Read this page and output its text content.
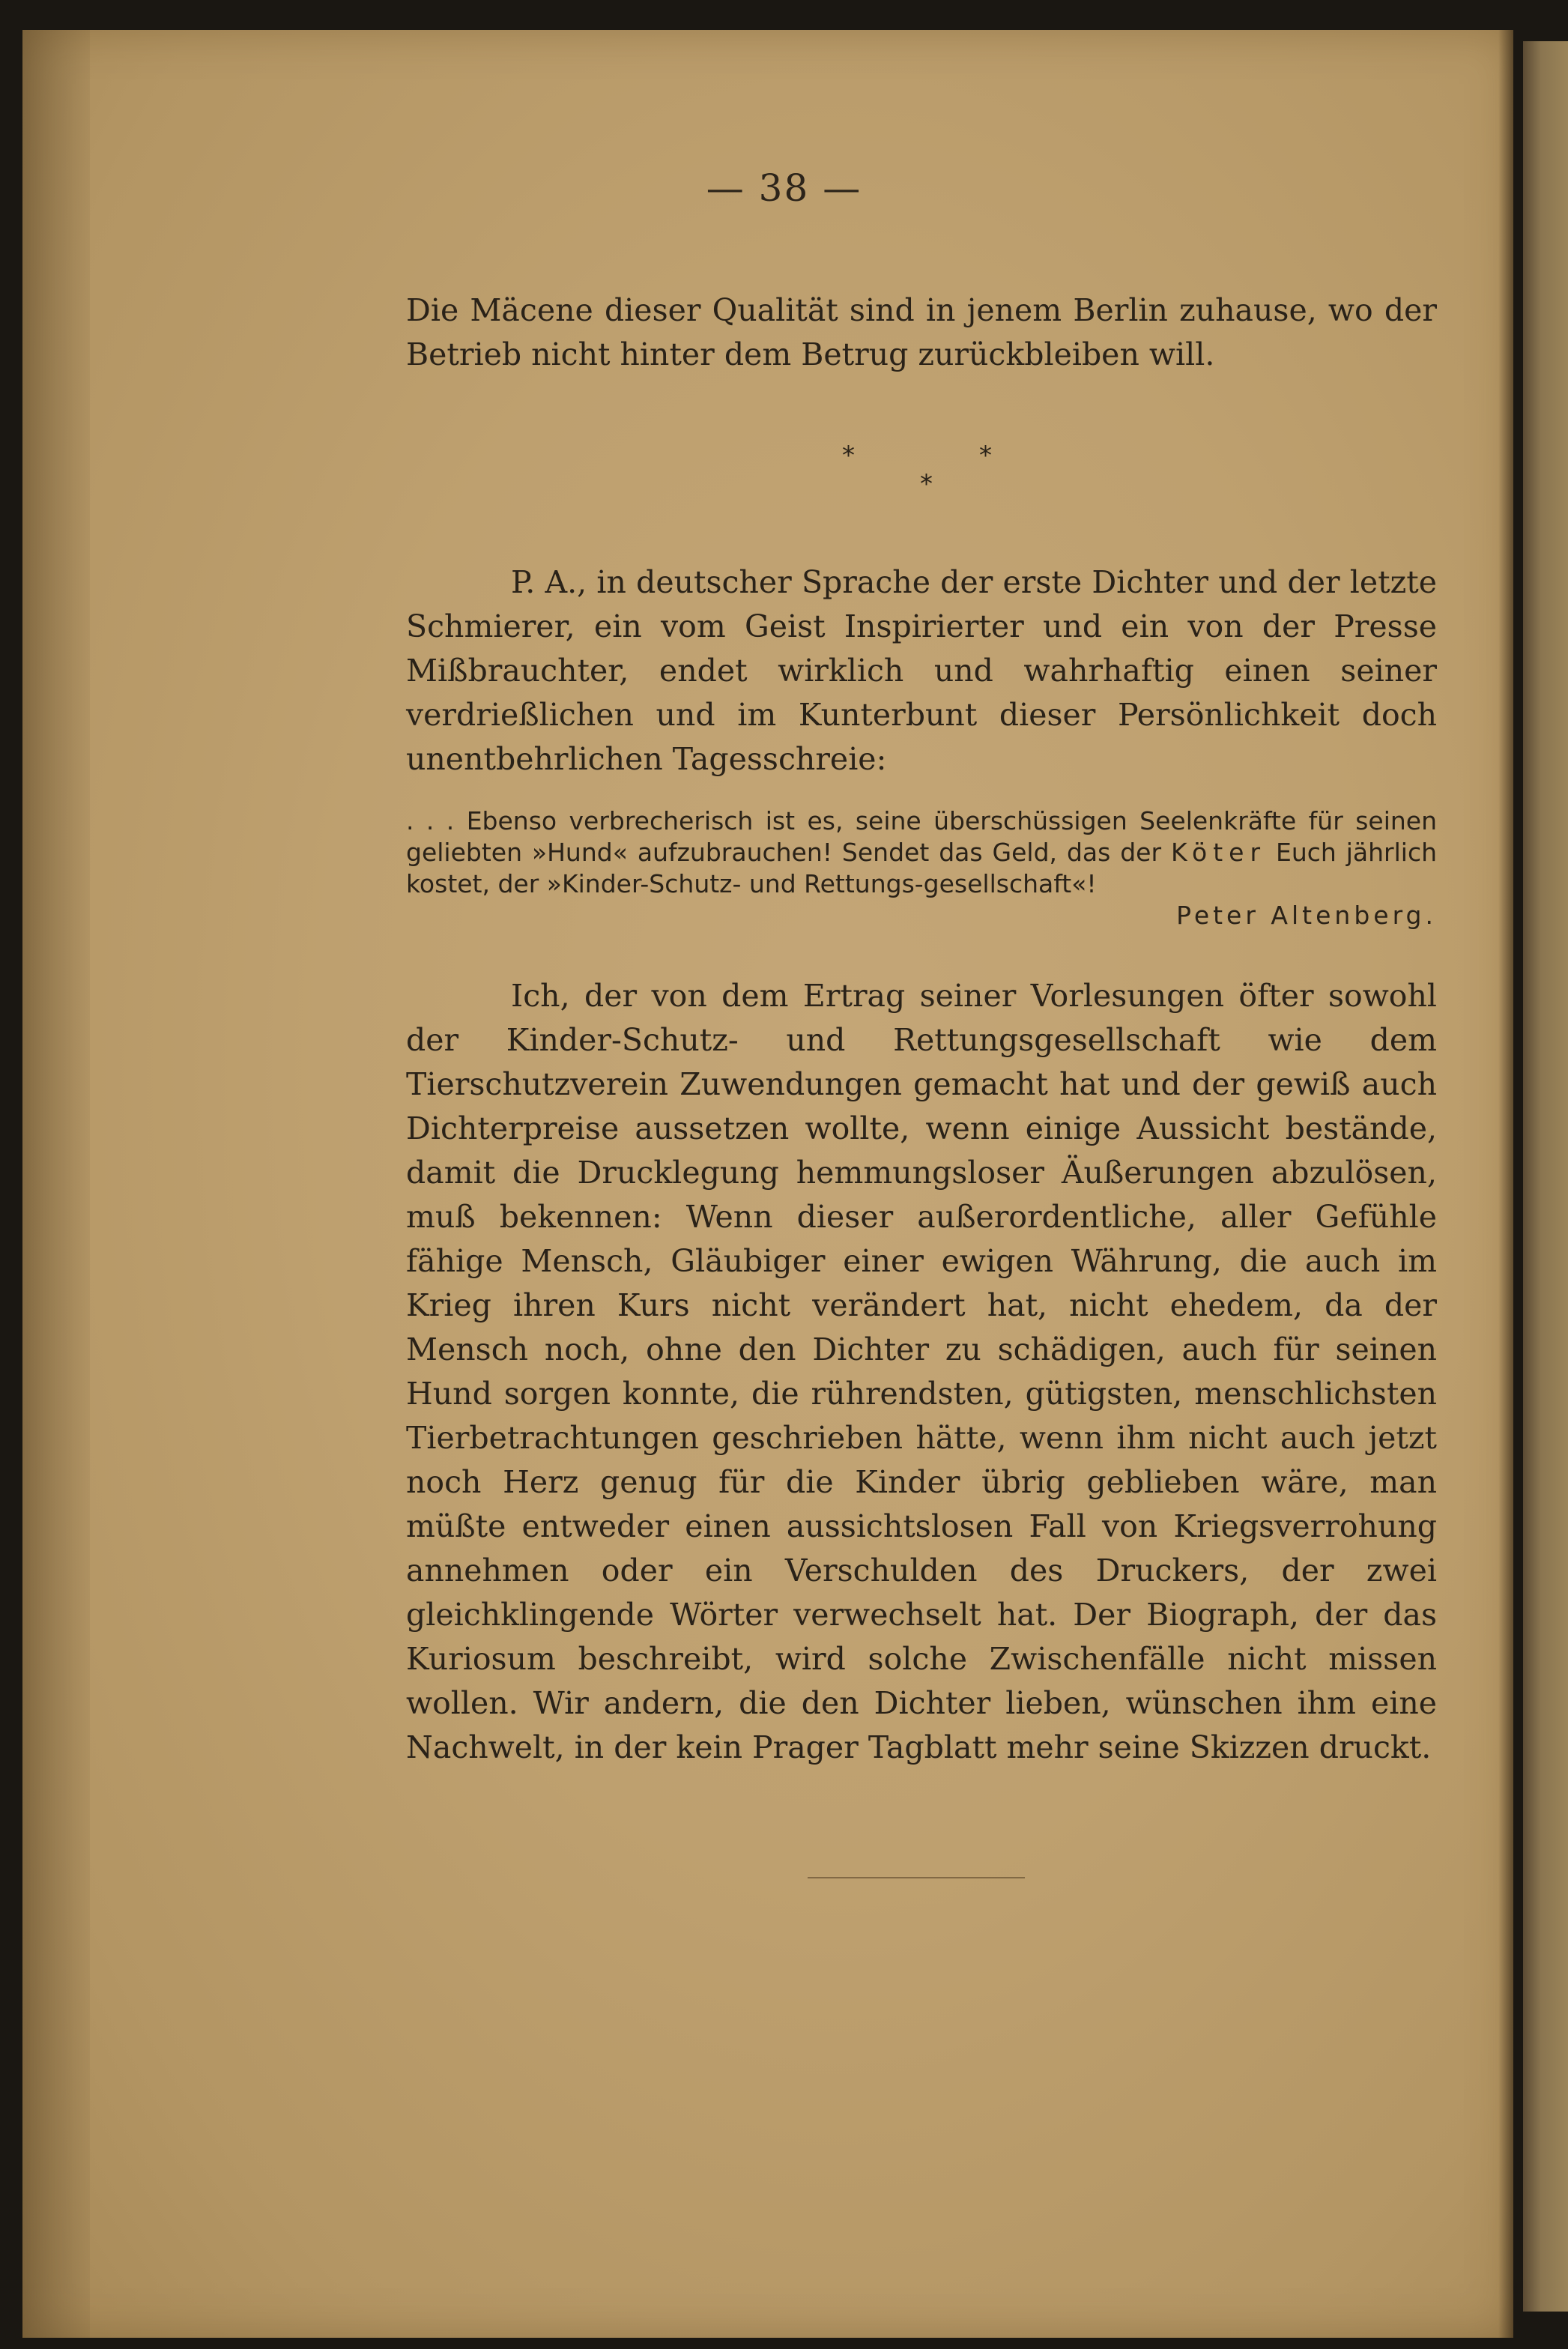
— 38 —

Die Mäcene dieser Qualität sind in jenem Berlin zuhause, wo der Betrieb nicht hinter dem Betrug zurückbleiben will.

*
*
*

P. A., in deutscher Sprache der erste Dichter und der letzte Schmierer, ein vom Geist Inspirierter und ein von der Presse Mißbrauchter, endet wirklich und wahrhaftig einen seiner verdrießlichen und im Kunterbunt dieser Persönlichkeit doch unentbehrlichen Tagesschreie:

. . . Ebenso verbrecherisch ist es, seine überschüssigen Seelenkräfte für seinen geliebten »Hund« aufzubrauchen! Sendet das Geld, das der Köter Euch jährlich kostet, der »Kinder-Schutz- und Rettungs-gesellschaft«!
Peter Altenberg.

Ich, der von dem Ertrag seiner Vorlesungen öfter sowohl der Kinder-Schutz- und Rettungsgesellschaft wie dem Tierschutzverein Zuwendungen gemacht hat und der gewiß auch Dichterpreise aussetzen wollte, wenn einige Aussicht bestände, damit die Drucklegung hemmungsloser Äußerungen abzulösen, muß bekennen: Wenn dieser außerordentliche, aller Gefühle fähige Mensch, Gläubiger einer ewigen Währung, die auch im Krieg ihren Kurs nicht verändert hat, nicht ehedem, da der Mensch noch, ohne den Dichter zu schädigen, auch für seinen Hund sorgen konnte, die rührendsten, gütigsten, menschlichsten Tierbetrachtungen geschrieben hätte, wenn ihm nicht auch jetzt noch Herz genug für die Kinder übrig geblieben wäre, man müßte entweder einen aussichtslosen Fall von Kriegsverrohung annehmen oder ein Verschulden des Druckers, der zwei gleichklingende Wörter verwechselt hat. Der Biograph, der das Kuriosum beschreibt, wird solche Zwischenfälle nicht missen wollen. Wir andern, die den Dichter lieben, wünschen ihm eine Nachwelt, in der kein Prager Tagblatt mehr seine Skizzen druckt.
